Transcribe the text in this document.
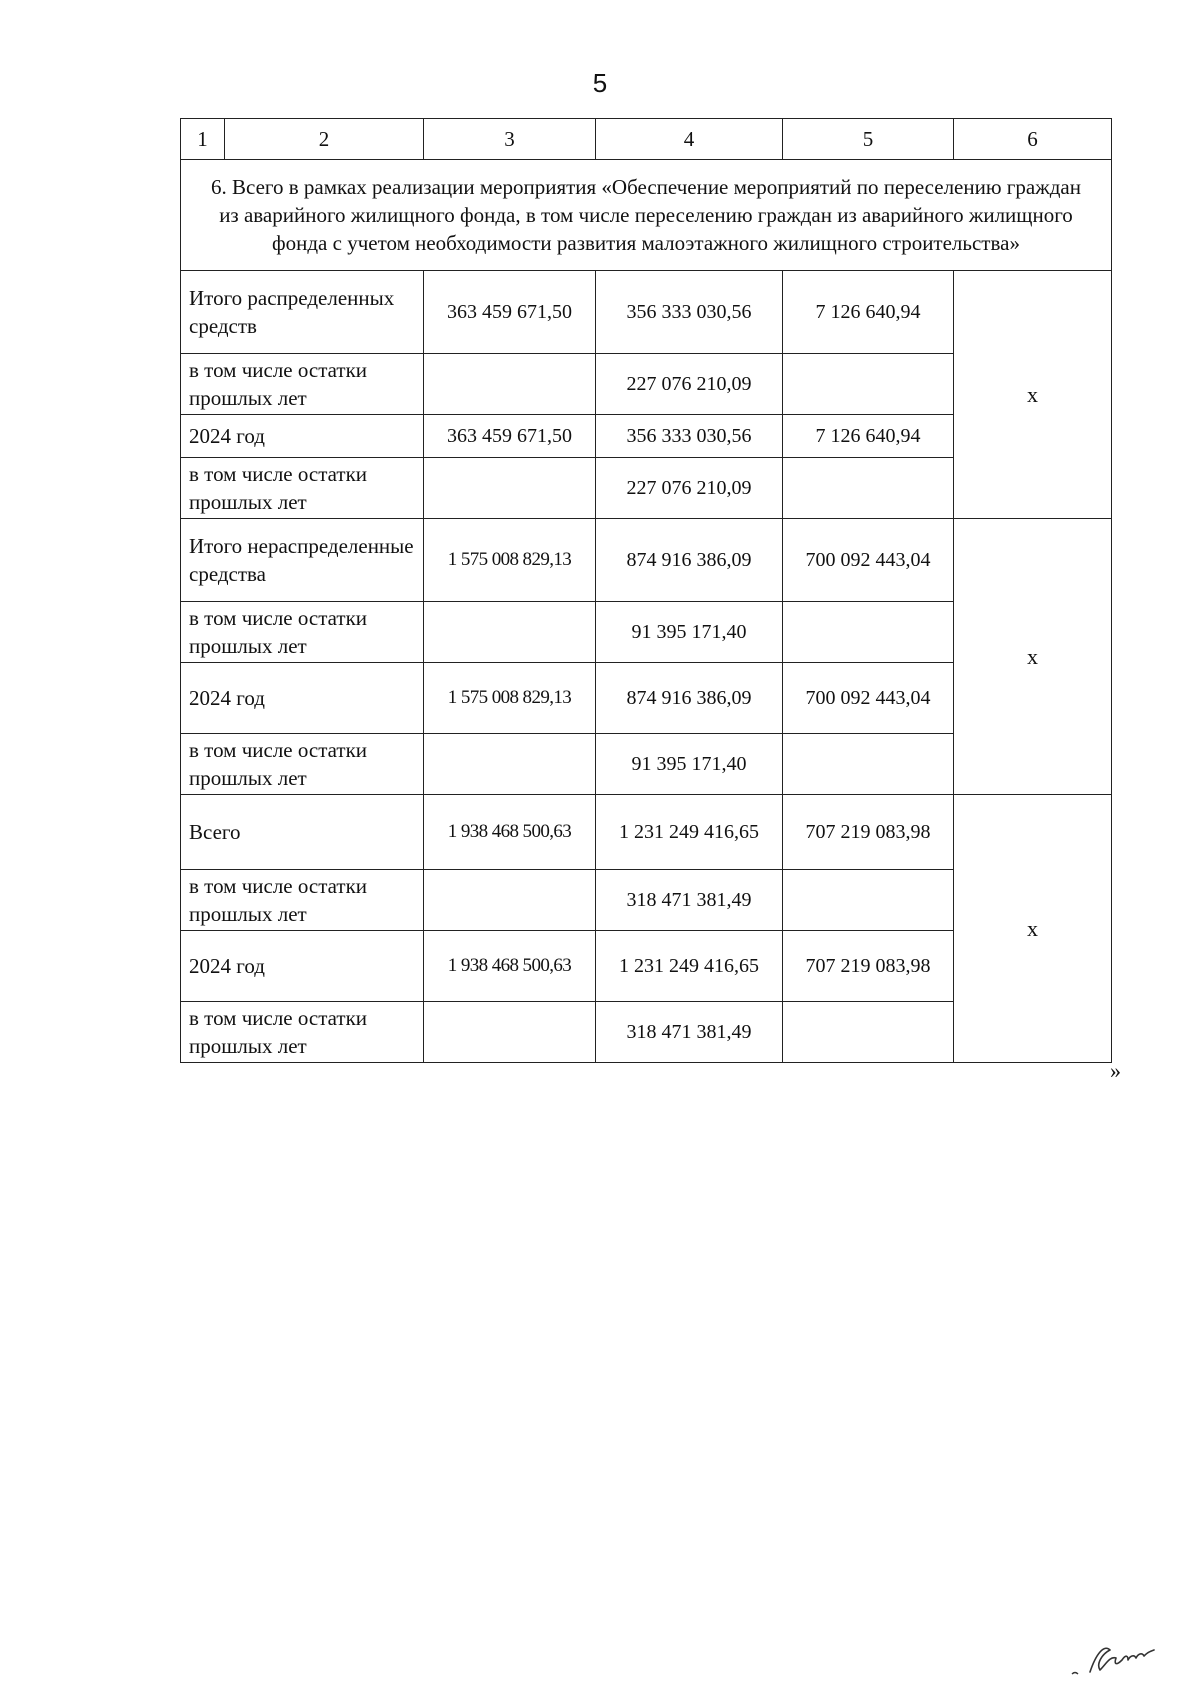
5
1	2	3	4	5	6
6. Всего в рамках реализации мероприятия «Обеспечение мероприятий по переселению граждан из аварийного жилищного фонда, в том числе переселению граждан из аварийного жилищного фонда с учетом необходимости развития малоэтажного жилищного строительства»					
Итого распределенных средств		363 459 671,50	356 333 030,56	7 126 640,94	x
в том числе остатки прошлых лет			227 076 210,09		
2024 год		363 459 671,50	356 333 030,56	7 126 640,94	
в том числе остатки прошлых лет			227 076 210,09		
Итого нераспределенные средства		1 575 008 829,13	874 916 386,09	700 092 443,04	x
в том числе остатки прошлых лет			91 395 171,40		
2024 год		1 575 008 829,13	874 916 386,09	700 092 443,04	
в том числе остатки прошлых лет			91 395 171,40		
Всего		1 938 468 500,63	1 231 249 416,65	707 219 083,98	x
в том числе остатки прошлых лет			318 471 381,49		
2024 год		1 938 468 500,63	1 231 249 416,65	707 219 083,98	
в том числе остатки прошлых лет			318 471 381,49		
»
